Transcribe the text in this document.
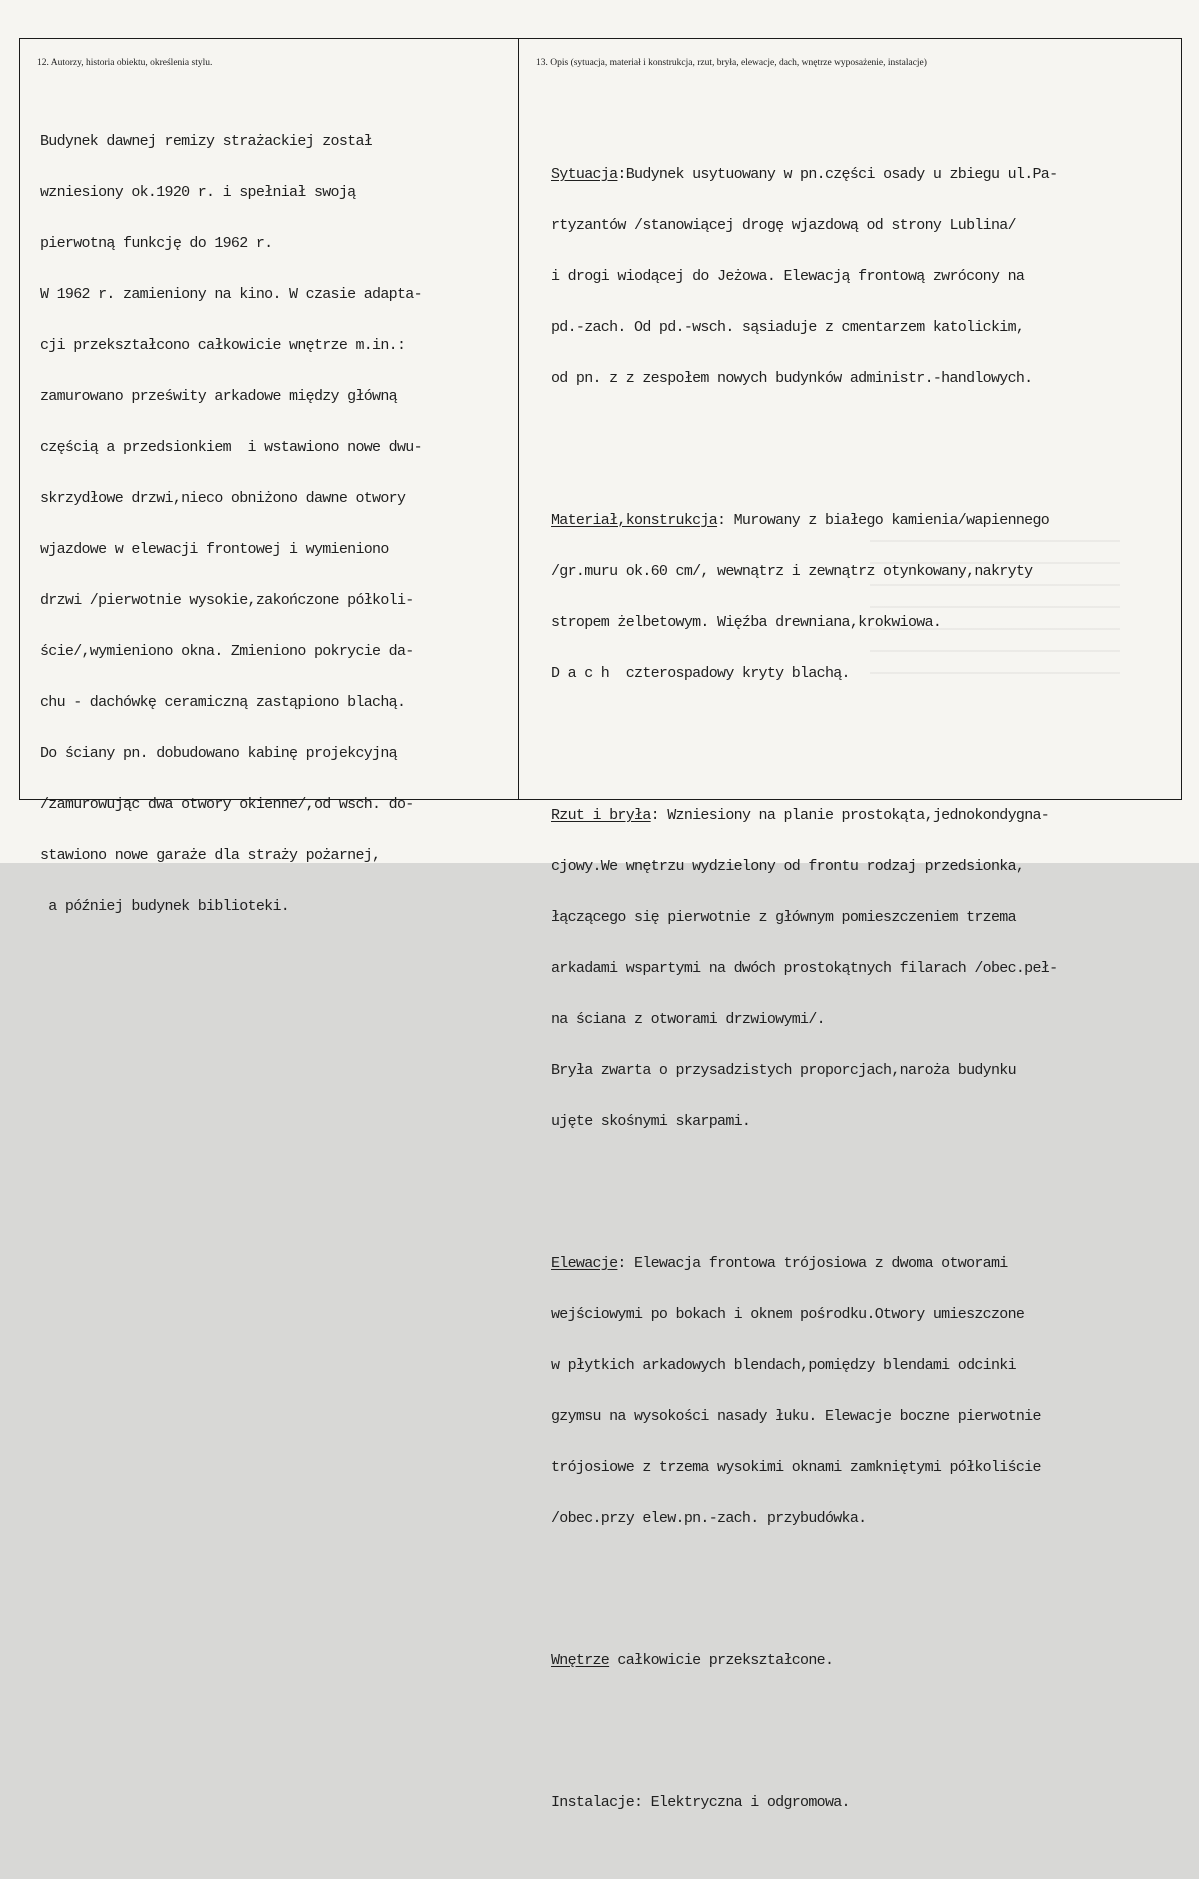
12. Autorzy, historia obiektu, określenia stylu.	13. Opis (sytuacja, materiał i konstrukcja, rzut, bryła, elewacje, dach, wnętrze wyposażenie, instalacje)

Budynek dawnej remizy strażackiej został

wzniesiony ok.1920 r. i spełniał swoją

pierwotną funkcję do 1962 r.

W 1962 r. zamieniony na kino. W czasie adapta-

cji przekształcono całkowicie wnętrze m.in.:

zamurowano prześwity arkadowe między główną

częścią a przedsionkiem  i wstawiono nowe dwu-

skrzydłowe drzwi,nieco obniżono dawne otwory

wjazdowe w elewacji frontowej i wymieniono

drzwi /pierwotnie wysokie,zakończone półkoli-

ście/,wymieniono okna. Zmieniono pokrycie da-

chu - dachówkę ceramiczną zastąpiono blachą.

Do ściany pn. dobudowano kabinę projekcyjną

/zamurowując dwa otwory okienne/,od wsch. do-

stawiono nowe garaże dla straży pożarnej,

a później budynek biblioteki.

Sytuacja:Budynek usytuowany w pn.części osady u zbiegu ul.Pa-

rtyzantów /stanowiącej drogę wjazdową od strony Lublina/

i drogi wiodącej do Jeżowa. Elewacją frontową zwrócony na

pd.-zach. Od pd.-wsch. sąsiaduje z cmentarzem katolickim,

od pn. z z zespołem nowych budynków administr.-handlowych.

Materiał,konstrukcja: Murowany z białego kamienia/wapiennego

/gr.muru ok.60 cm/, wewnątrz i zewnątrz otynkowany,nakryty

stropem żelbetowym. Więźba drewniana,krokwiowa.

D a c h  czterospadowy kryty blachą.

Rzut i bryła: Wzniesiony na planie prostokąta,jednokondygna-

cjowy.We wnętrzu wydzielony od frontu rodzaj przedsionka,

łączącego się pierwotnie z głównym pomieszczeniem trzema

arkadami wspartymi na dwóch prostokątnych filarach /obec.peł-

na ściana z otworami drzwiowymi/.

Bryła zwarta o przysadzistych proporcjach,naroża budynku

ujęte skośnymi skarpami.

Elewacje: Elewacja frontowa trójosiowa z dwoma otworami

wejściowymi po bokach i oknem pośrodku.Otwory umieszczone

w płytkich arkadowych blendach,pomiędzy blendami odcinki

gzymsu na wysokości nasady łuku. Elewacje boczne pierwotnie

trójosiowe z trzema wysokimi oknami zamkniętymi półkoliście

/obec.przy elew.pn.-zach. przybudówka.

Wnętrze całkowicie przekształcone.

Instalacje: Elektryczna i odgromowa.
